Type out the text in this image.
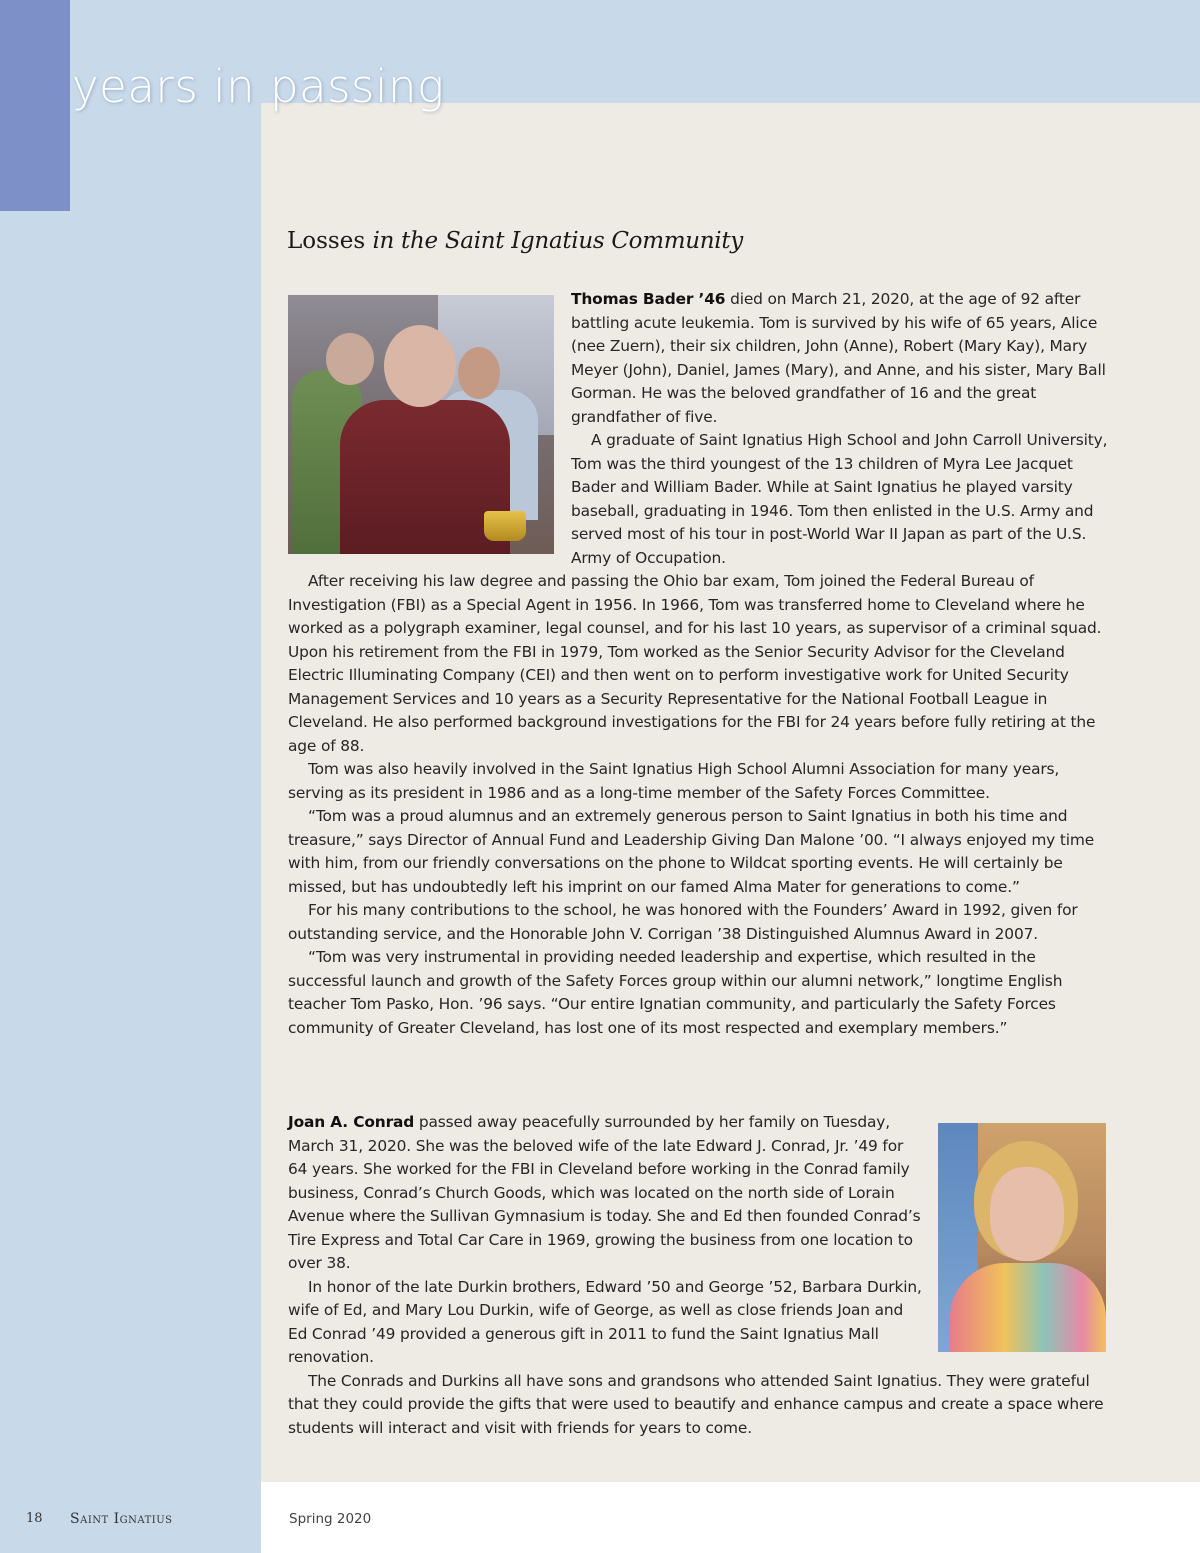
years in passing
Losses in the Saint Ignatius Community

Thomas Bader ’46 died on March 21, 2020, at the age of 92 after battling acute leukemia. Tom is survived by his wife of 65 years, Alice (nee Zuern), their six children, John (Anne), Robert (Mary Kay), Mary Meyer (John), Daniel, James (Mary), and Anne, and his sister, Mary Ball Gorman. He was the beloved grandfather of 16 and the great grandfather of five.

A graduate of Saint Ignatius High School and John Carroll University, Tom was the third youngest of the 13 children of Myra Lee Jacquet Bader and William Bader. While at Saint Ignatius he played varsity baseball, graduating in 1946. Tom then enlisted in the U.S. Army and served most of his tour in post-World War II Japan as part of the U.S. Army of Occupation.

After receiving his law degree and passing the Ohio bar exam, Tom joined the Federal Bureau of Investigation (FBI) as a Special Agent in 1956. In 1966, Tom was transferred home to Cleveland where he worked as a polygraph examiner, legal counsel, and for his last 10 years, as supervisor of a criminal squad. Upon his retirement from the FBI in 1979, Tom worked as the Senior Security Advisor for the Cleveland Electric Illuminating Company (CEI) and then went on to perform investigative work for United Security Management Services and 10 years as a Security Representative for the National Football League in Cleveland. He also performed background investigations for the FBI for 24 years before fully retiring at the age of 88.

Tom was also heavily involved in the Saint Ignatius High School Alumni Association for many years, serving as its president in 1986 and as a long-time member of the Safety Forces Committee.

“Tom was a proud alumnus and an extremely generous person to Saint Ignatius in both his time and treasure,” says Director of Annual Fund and Leadership Giving Dan Malone ’00. “I always enjoyed my time with him, from our friendly conversations on the phone to Wildcat sporting events. He will certainly be missed, but has undoubtedly left his imprint on our famed Alma Mater for generations to come.”

For his many contributions to the school, he was honored with the Founders’ Award in 1992, given for outstanding service, and the Honorable John V. Corrigan ’38 Distinguished Alumnus Award in 2007.

“Tom was very instrumental in providing needed leadership and expertise, which resulted in the successful launch and growth of the Safety Forces group within our alumni network,” longtime English teacher Tom Pasko, Hon. ’96 says. “Our entire Ignatian community, and particularly the Safety Forces community of Greater Cleveland, has lost one of its most respected and exemplary members.”

Joan A. Conrad passed away peacefully surrounded by her family on Tuesday, March 31, 2020. She was the beloved wife of the late Edward J. Conrad, Jr. ’49 for 64 years. She worked for the FBI in Cleveland before working in the Conrad family business, Conrad’s Church Goods, which was located on the north side of Lorain Avenue where the Sullivan Gymnasium is today. She and Ed then founded Conrad’s Tire Express and Total Car Care in 1969, growing the business from one location to over 38.

In honor of the late Durkin brothers, Edward ’50 and George ’52, Barbara Durkin, wife of Ed, and Mary Lou Durkin, wife of George, as well as close friends Joan and Ed Conrad ’49 provided a generous gift in 2011 to fund the Saint Ignatius Mall renovation.

The Conrads and Durkins all have sons and grandsons who attended Saint Ignatius. They were grateful that they could provide the gifts that were used to beautify and enhance campus and create a space where students will interact and visit with friends for years to come.

18 Saint Ignatius	Spring 2020
